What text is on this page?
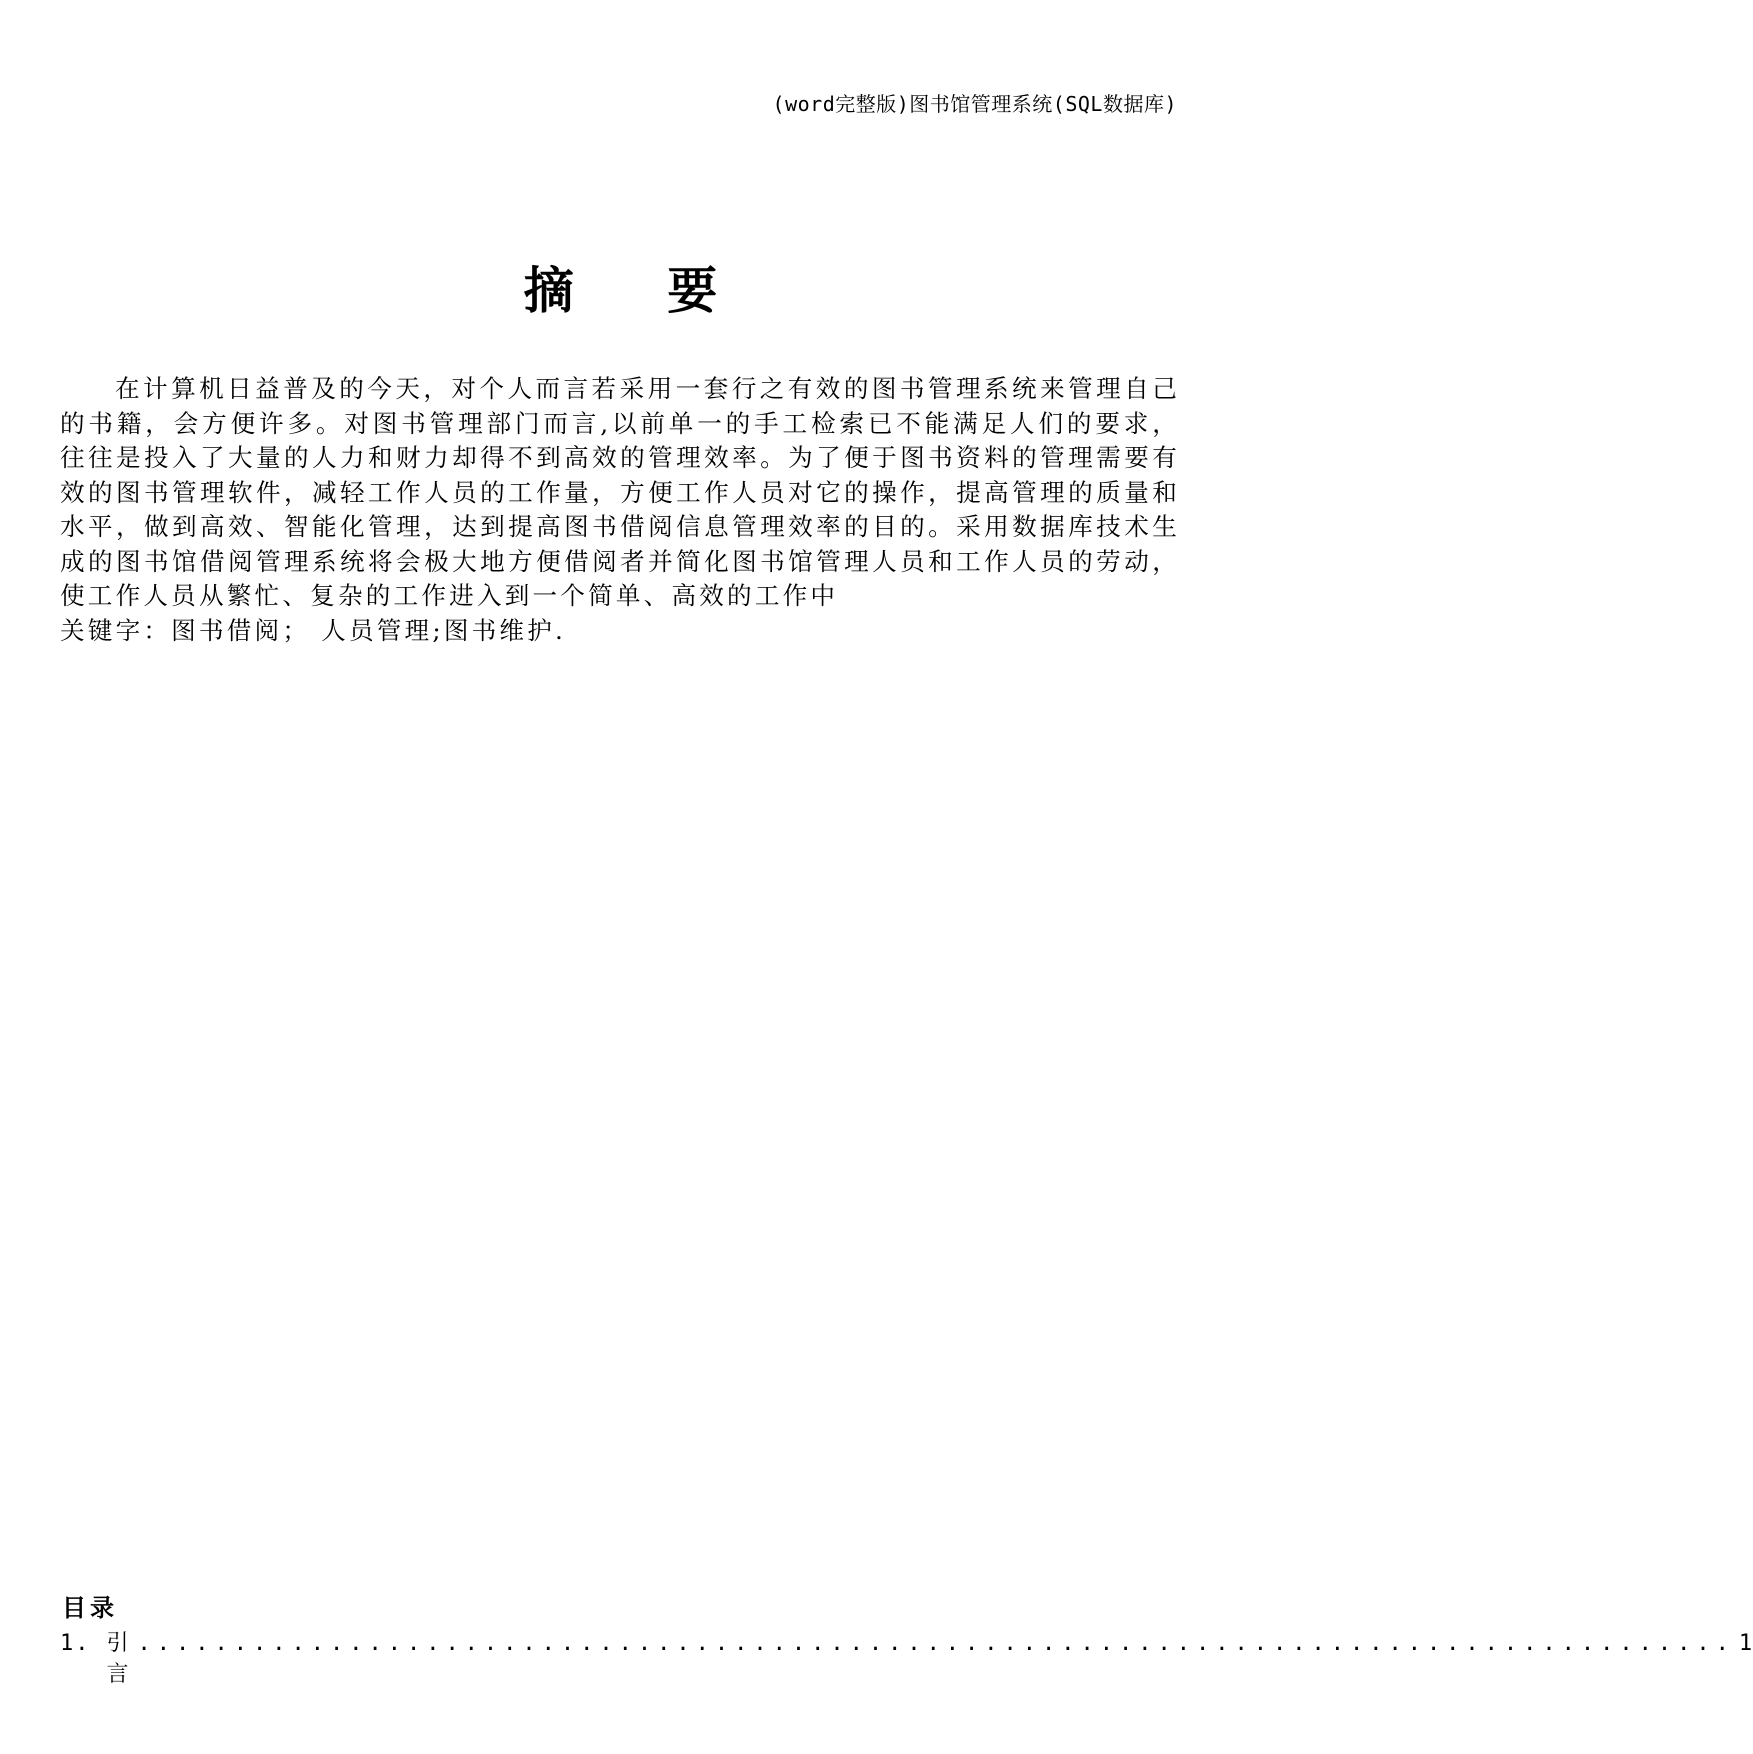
(word完整版)图书馆管理系统(SQL数据库)
摘 要

在计算机日益普及的今天，对个人而言若采用一套行之有效的图书管理系统来管理自己的书籍，会方便许多。对图书管理部门而言,以前单一的手工检索已不能满足人们的要求，往往是投入了大量的人力和财力却得不到高效的管理效率。为了便于图书资料的管理需要有效的图书管理软件，减轻工作人员的工作量，方便工作人员对它的操作，提高管理的质量和水平，做到高效、智能化管理，达到提高图书借阅信息管理效率的目的。采用数据库技术生成的图书馆借阅管理系统将会极大地方便借阅者并简化图书馆管理人员和工作人员的劳动，使工作人员从繁忙、复杂的工作进入到一个简单、高效的工作中

关键字：图书借阅； 人员管理;图书维护.

目录
1. 引言
................................................................................... 1
